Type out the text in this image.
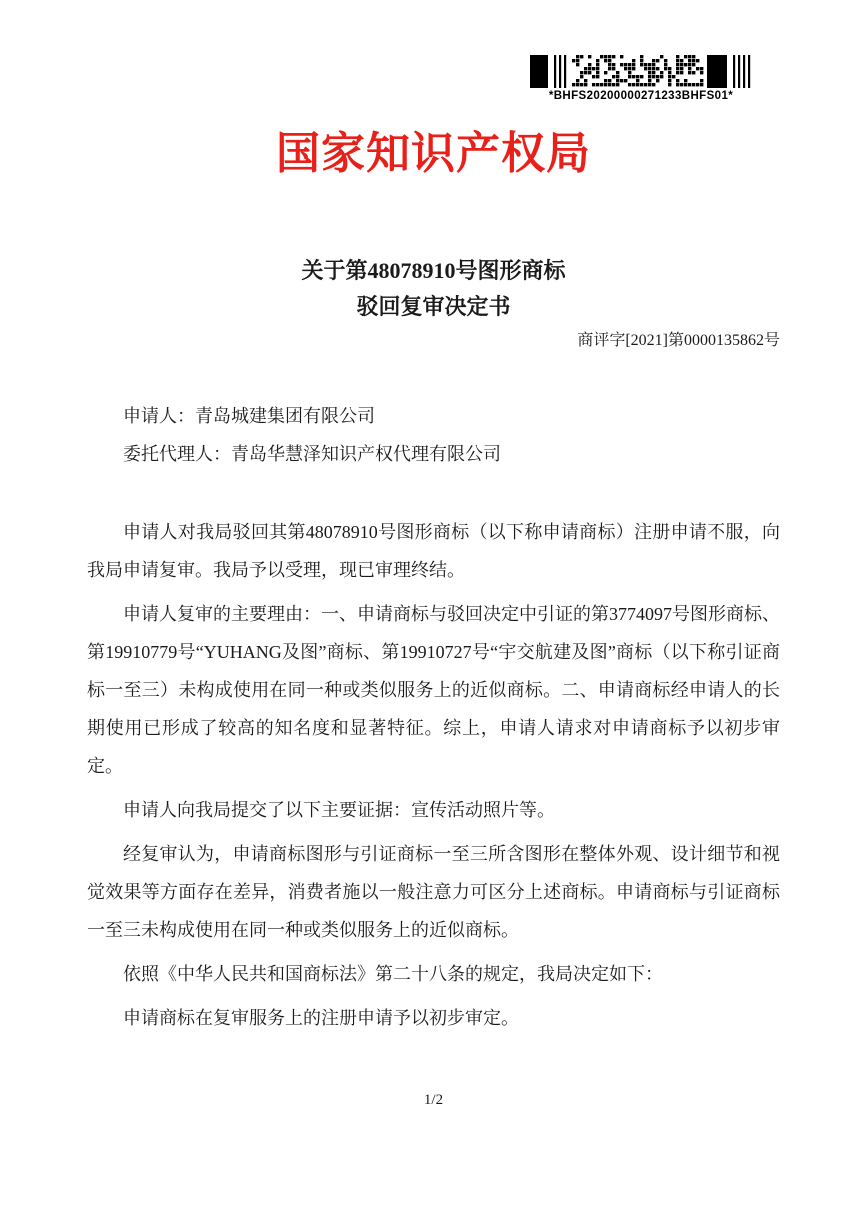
*BHFS20200000271233BHFS01*
国家知识产权局
关于第48078910号图形商标
驳回复审决定书
商评字[2021]第0000135862号

申请人：青岛城建集团有限公司

委托代理人：青岛华慧泽知识产权代理有限公司

申请人对我局驳回其第48078910号图形商标（以下称申请商标）注册申请不服，向我局申请复审。我局予以受理，现已审理终结。

申请人复审的主要理由：一、申请商标与驳回决定中引证的第3774097号图形商标、第19910779号“YUHANG及图”商标、第19910727号“宇交航建及图”商标（以下称引证商标一至三）未构成使用在同一种或类似服务上的近似商标。二、申请商标经申请人的长期使用已形成了较高的知名度和显著特征。综上，申请人请求对申请商标予以初步审定。

申请人向我局提交了以下主要证据：宣传活动照片等。

经复审认为，申请商标图形与引证商标一至三所含图形在整体外观、设计细节和视觉效果等方面存在差异，消费者施以一般注意力可区分上述商标。申请商标与引证商标一至三未构成使用在同一种或类似服务上的近似商标。

依照《中华人民共和国商标法》第二十八条的规定，我局决定如下：

申请商标在复审服务上的注册申请予以初步审定。

1/2
